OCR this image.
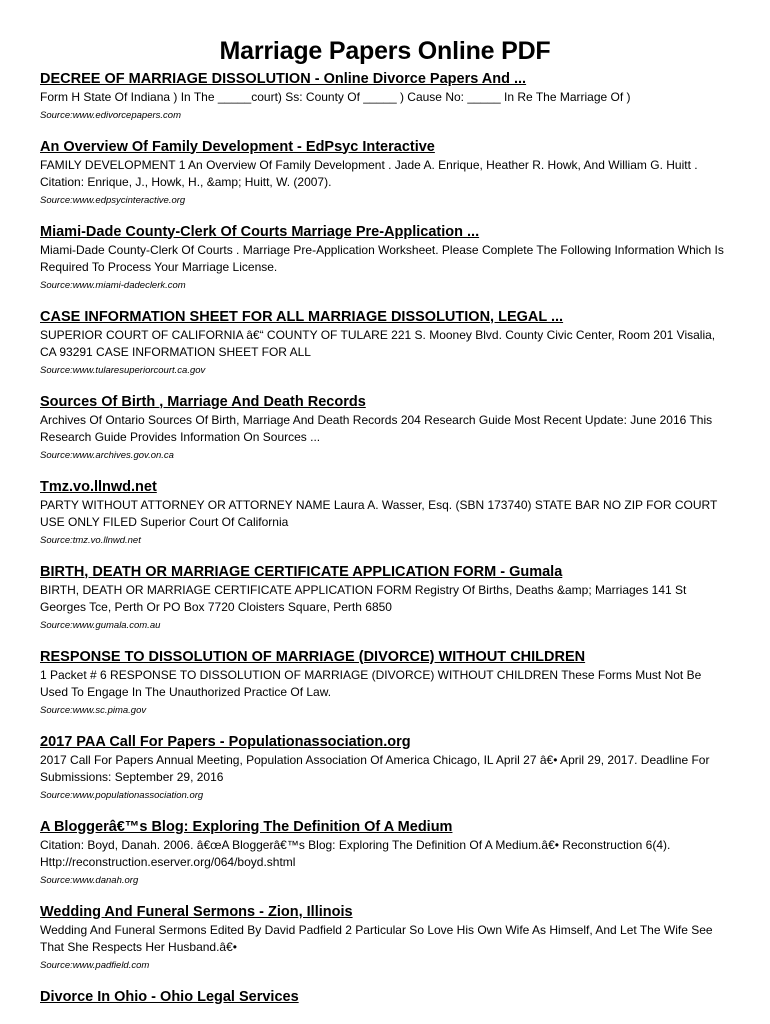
Marriage Papers Online PDF
DECREE OF MARRIAGE DISSOLUTION - Online Divorce Papers And ...

Form H State Of Indiana ) In The _____court) Ss: County Of _____ ) Cause No: _____ In Re The Marriage Of )

Source:www.edivorcepapers.com

An Overview Of Family Development - EdPsyc Interactive

FAMILY DEVELOPMENT 1 An Overview Of Family Development . Jade A. Enrique, Heather R. Howk, And William G. Huitt . Citation: Enrique, J., Howk, H., &amp; Huitt, W. (2007).

Source:www.edpsycinteractive.org

Miami-Dade County-Clerk Of Courts Marriage Pre-Application ...

Miami-Dade County-Clerk Of Courts . Marriage Pre-Application Worksheet. Please Complete The Following Information Which Is Required To Process Your Marriage License.

Source:www.miami-dadeclerk.com

CASE INFORMATION SHEET FOR ALL MARRIAGE DISSOLUTION, LEGAL ...

SUPERIOR COURT OF CALIFORNIA â€“ COUNTY OF TULARE 221 S. Mooney Blvd. County Civic Center, Room 201 Visalia, CA 93291 CASE INFORMATION SHEET FOR ALL

Source:www.tularesuperiorcourt.ca.gov

Sources Of Birth , Marriage And Death Records

Archives Of Ontario Sources Of Birth, Marriage And Death Records 204 Research Guide Most Recent Update: June 2016 This Research Guide Provides Information On Sources ...

Source:www.archives.gov.on.ca

Tmz.vo.llnwd.net

PARTY WITHOUT ATTORNEY OR ATTORNEY NAME Laura A. Wasser, Esq. (SBN 173740) STATE BAR NO ZIP FOR COURT USE ONLY FILED Superior Court Of California

Source:tmz.vo.llnwd.net

BIRTH, DEATH OR MARRIAGE CERTIFICATE APPLICATION FORM - Gumala

BIRTH, DEATH OR MARRIAGE CERTIFICATE APPLICATION FORM Registry Of Births, Deaths &amp; Marriages 141 St Georges Tce, Perth Or PO Box 7720 Cloisters Square, Perth 6850

Source:www.gumala.com.au

RESPONSE TO DISSOLUTION OF MARRIAGE (DIVORCE) WITHOUT CHILDREN

1 Packet # 6 RESPONSE TO DISSOLUTION OF MARRIAGE (DIVORCE) WITHOUT CHILDREN These Forms Must Not Be Used To Engage In The Unauthorized Practice Of Law.

Source:www.sc.pima.gov

2017 PAA Call For Papers - Populationassociation.org

2017 Call For Papers Annual Meeting, Population Association Of America Chicago, IL April 27 â€• April 29, 2017. Deadline For Submissions: September 29, 2016

Source:www.populationassociation.org

A Bloggerâ€™s Blog: Exploring The Definition Of A Medium

Citation: Boyd, Danah. 2006. â€œA Bloggerâ€™s Blog: Exploring The Definition Of A Medium.â€• Reconstruction 6(4). Http://reconstruction.eserver.org/064/boyd.shtml

Source:www.danah.org

Wedding And Funeral Sermons - Zion, Illinois

Wedding And Funeral Sermons Edited By David Padfield 2 Particular So Love His Own Wife As Himself, And Let The Wife See That She Respects Her Husband.â€•

Source:www.padfield.com

Divorce In Ohio - Ohio Legal Services
